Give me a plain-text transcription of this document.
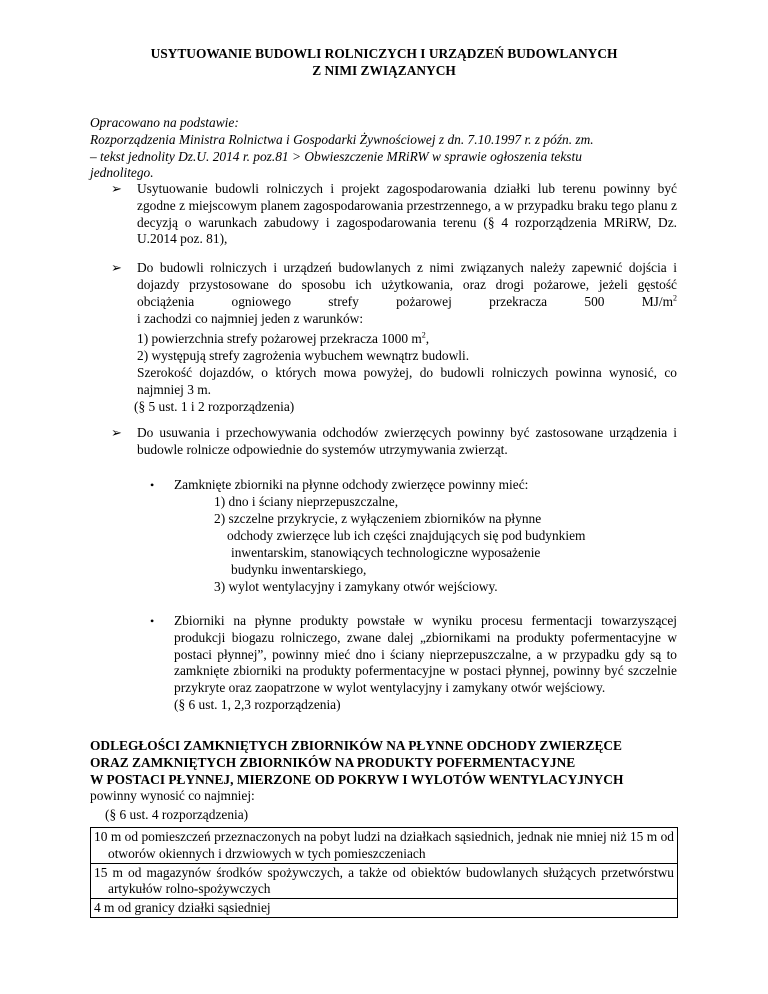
USYTUOWANIE BUDOWLI ROLNICZYCH I URZĄDZEŃ BUDOWLANYCH
Z NIMI ZWIĄZANYCH
Opracowano na podstawie:
Rozporządzenia Ministra Rolnictwa i Gospodarki Żywnościowej z dn. 7.10.1997 r. z późn. zm.
– tekst jednolity Dz.U. 2014 r. poz.81 > Obwieszczenie MRiRW w sprawie ogłoszenia tekstu
jednolitego.
➢ Usytuowanie budowli rolniczych i projekt zagospodarowania działki lub terenu powinny być zgodne z miejscowym planem zagospodarowania przestrzennego, a w przypadku braku tego planu z decyzją o warunkach zabudowy i zagospodarowania terenu (§ 4 rozporządzenia MRiRW, Dz. U.2014 poz. 81),
➢ Do budowli rolniczych i urządzeń budowlanych z nimi związanych należy zapewnić dojścia i dojazdy przystosowane do sposobu ich użytkowania, oraz drogi pożarowe, jeżeli gęstość
obciążenia ogniowego strefy pożarowej przekracza 500 $MJ/m^2$
i zachodzi co najmniej jeden z warunków:
1) powierzchnia strefy pożarowej przekracza 1000 $m^2$,
2) występują strefy zagrożenia wybuchem wewnątrz budowli.
Szerokość dojazdów, o których mowa powyżej, do budowli rolniczych powinna wynosić, co najmniej 3 m.
(§ 5 ust. 1 i 2 rozporządzenia)
➢ Do usuwania i przechowywania odchodów zwierzęcych powinny być zastosowane urządzenia i budowle rolnicze odpowiednie do systemów utrzymywania zwierząt.
• Zamknięte zbiorniki na płynne odchody zwierzęce powinny mieć:
1) dno i ściany nieprzepuszczalne,
2) szczelne przykrycie, z wyłączeniem zbiorników na płynne
odchody zwierzęce lub ich części znajdujących się pod budynkiem
inwentarskim, stanowiących technologiczne wyposażenie
budynku inwentarskiego,
3) wylot wentylacyjny i zamykany otwór wejściowy.
• Zbiorniki na płynne produkty powstałe w wyniku procesu fermentacji towarzyszącej produkcji biogazu rolniczego, zwane dalej „zbiornikami na produkty pofermentacyjne w postaci płynnej”, powinny mieć dno i ściany nieprzepuszczalne, a w przypadku gdy są to zamknięte zbiorniki na produkty pofermentacyjne w postaci płynnej, powinny być szczelnie przykryte oraz zaopatrzone w wylot wentylacyjny i zamykany otwór wejściowy.
(§ 6 ust. 1, 2,3 rozporządzenia)
ODLEGŁOŚCI ZAMKNIĘTYCH ZBIORNIKÓW NA PŁYNNE ODCHODY ZWIERZĘCE
ORAZ ZAMKNIĘTYCH ZBIORNIKÓW NA PRODUKTY POFERMENTACYJNE
W POSTACI PŁYNNEJ, MIERZONE OD POKRYW I WYLOTÓW WENTYLACYJNYCH
powinny wynosić co najmniej:
(§ 6 ust. 4 rozporządzenia)
10 m od pomieszczeń przeznaczonych na pobyt ludzi na działkach sąsiednich, jednak nie mniej niż 15 m od otworów okiennych i drzwiowych w tych pomieszczeniach
15 m od magazynów środków spożywczych, a także od obiektów budowlanych służących przetwórstwu artykułów rolno-spożywczych
4 m od granicy działki sąsiedniej
